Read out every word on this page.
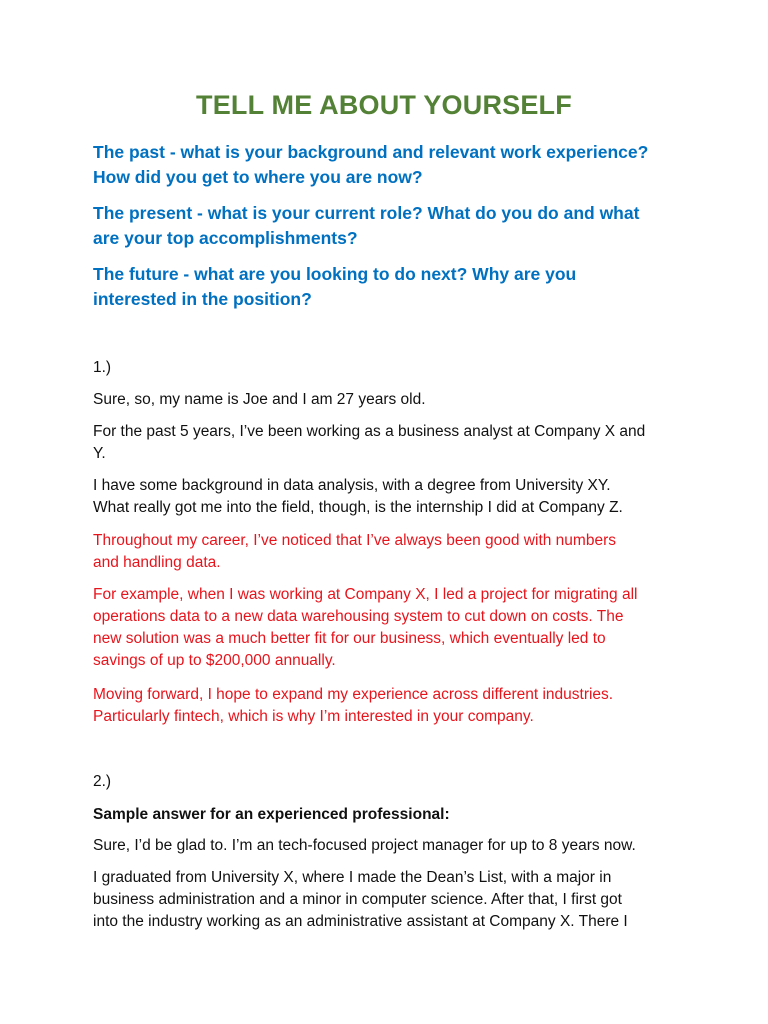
TELL ME ABOUT YOURSELF

The past - what is your background and relevant work experience?

How did you get to where you are now?

The present - what is your current role? What do you do and what

are your top accomplishments?

The future - what are you looking to do next? Why are you

interested in the position?

1.)

Sure, so, my name is Joe and I am 27 years old.

For the past 5 years, I’ve been working as a business analyst at Company X and

Y.

I have some background in data analysis, with a degree from University XY.

What really got me into the field, though, is the internship I did at Company Z.

Throughout my career, I’ve noticed that I’ve always been good with numbers

and handling data.

For example, when I was working at Company X, I led a project for migrating all

operations data to a new data warehousing system to cut down on costs. The

new solution was a much better fit for our business, which eventually led to

savings of up to $200,000 annually.

Moving forward, I hope to expand my experience across different industries.

Particularly fintech, which is why I’m interested in your company.

2.)

Sample answer for an experienced professional:

Sure, I’d be glad to. I’m an tech-focused project manager for up to 8 years now.

I graduated from University X, where I made the Dean’s List, with a major in

business administration and a minor in computer science. After that, I first got

into the industry working as an administrative assistant at Company X. There I
